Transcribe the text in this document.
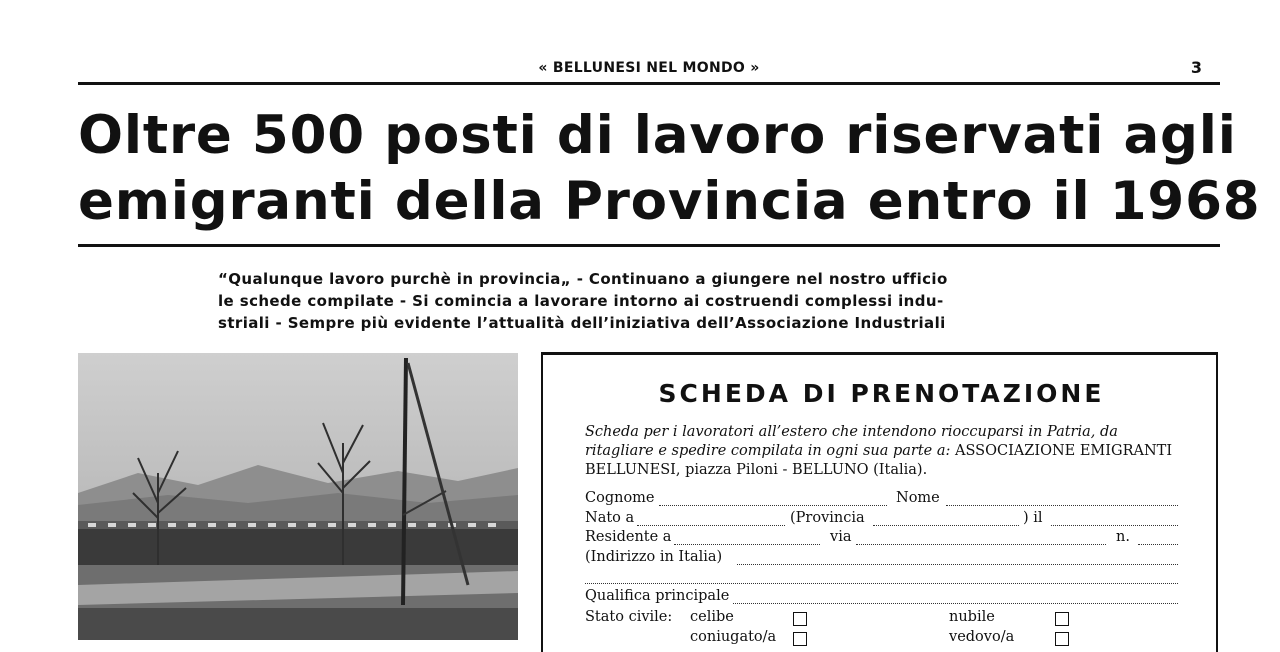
« BELLUNESI NEL MONDO »	3
Oltre 500 posti di lavoro riservati agli
emigranti della Provincia entro il 1968
“Qualunque lavoro purchè in provincia„ - Continuano a giungere nel nostro ufficio
le schede compilate - Si comincia a lavorare intorno ai costruendi complessi indu-
striali - Sempre più evidente l’attualità dell’iniziativa dell’Associazione Industriali
SCHEDA DI PRENOTAZIONE
Scheda per i lavoratori all’estero che intendono rioccuparsi in Patria, da ritagliare e spedire compilata in ogni sua parte a: ASSOCIAZIONE EMIGRANTI BELLUNESI, piazza Piloni - BELLUNO (Italia).
Cognome	Nome
Nato a	(Provincia	) il
Residente a	via	n.
(Indirizzo in Italia)
Qualifica principale
Stato civile: celibe	nubile
coniugato/a	vedovo/a
